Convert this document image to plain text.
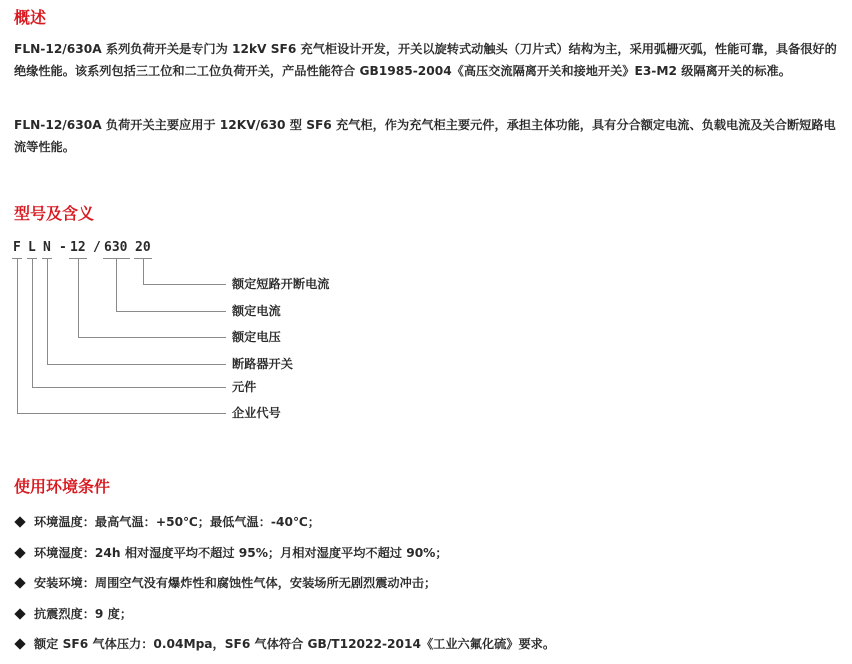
概述

FLN-12/630A 系列负荷开关是专门为 12kV SF6 充气柜设计开发，开关以旋转式动触头（刀片式）结构为主，采用弧栅灭弧，性能可靠，具备很好的绝缘性能。该系列包括三工位和二工位负荷开关，产品性能符合 GB1985-2004《高压交流隔离开关和接地开关》E3-M2 级隔离开关的标准。

FLN-12/630A 负荷开关主要应用于 12KV/630 型 SF6 充气柜，作为充气柜主要元件，承担主体功能，具有分合额定电流、负载电流及关合断短路电流等性能。

型号及含义
F L N - 12 / 630 20
额定短路开断电流
额定电流
额定电压
断路器开关
元件
企业代号
使用环境条件
环境温度：最高气温：+50℃；最低气温：-40℃；
环境湿度：24h 相对湿度平均不超过 95%；月相对湿度平均不超过 90%；
安装环境：周围空气没有爆炸性和腐蚀性气体，安装场所无剧烈震动冲击；
抗震烈度：9 度；
额定 SF6 气体压力：0.04Mpa，SF6 气体符合 GB/T12022-2014《工业六氟化硫》要求。
